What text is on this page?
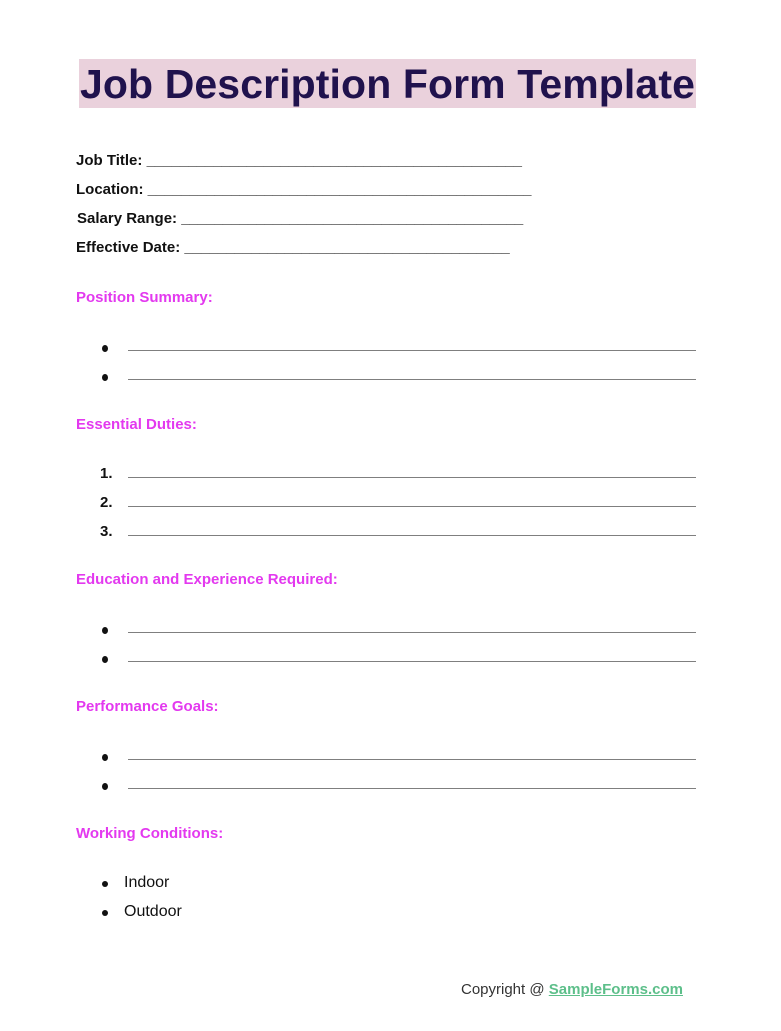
Job Description Form Template
Job Title: _____________________________________________
Location: ______________________________________________
Salary Range: _________________________________________
Effective Date: _______________________________________
Position Summary:
Essential Duties:
1.
2.
3.
Education and Experience Required:
Performance Goals:
Working Conditions:
Indoor
Outdoor
Copyright @ SampleForms.com
